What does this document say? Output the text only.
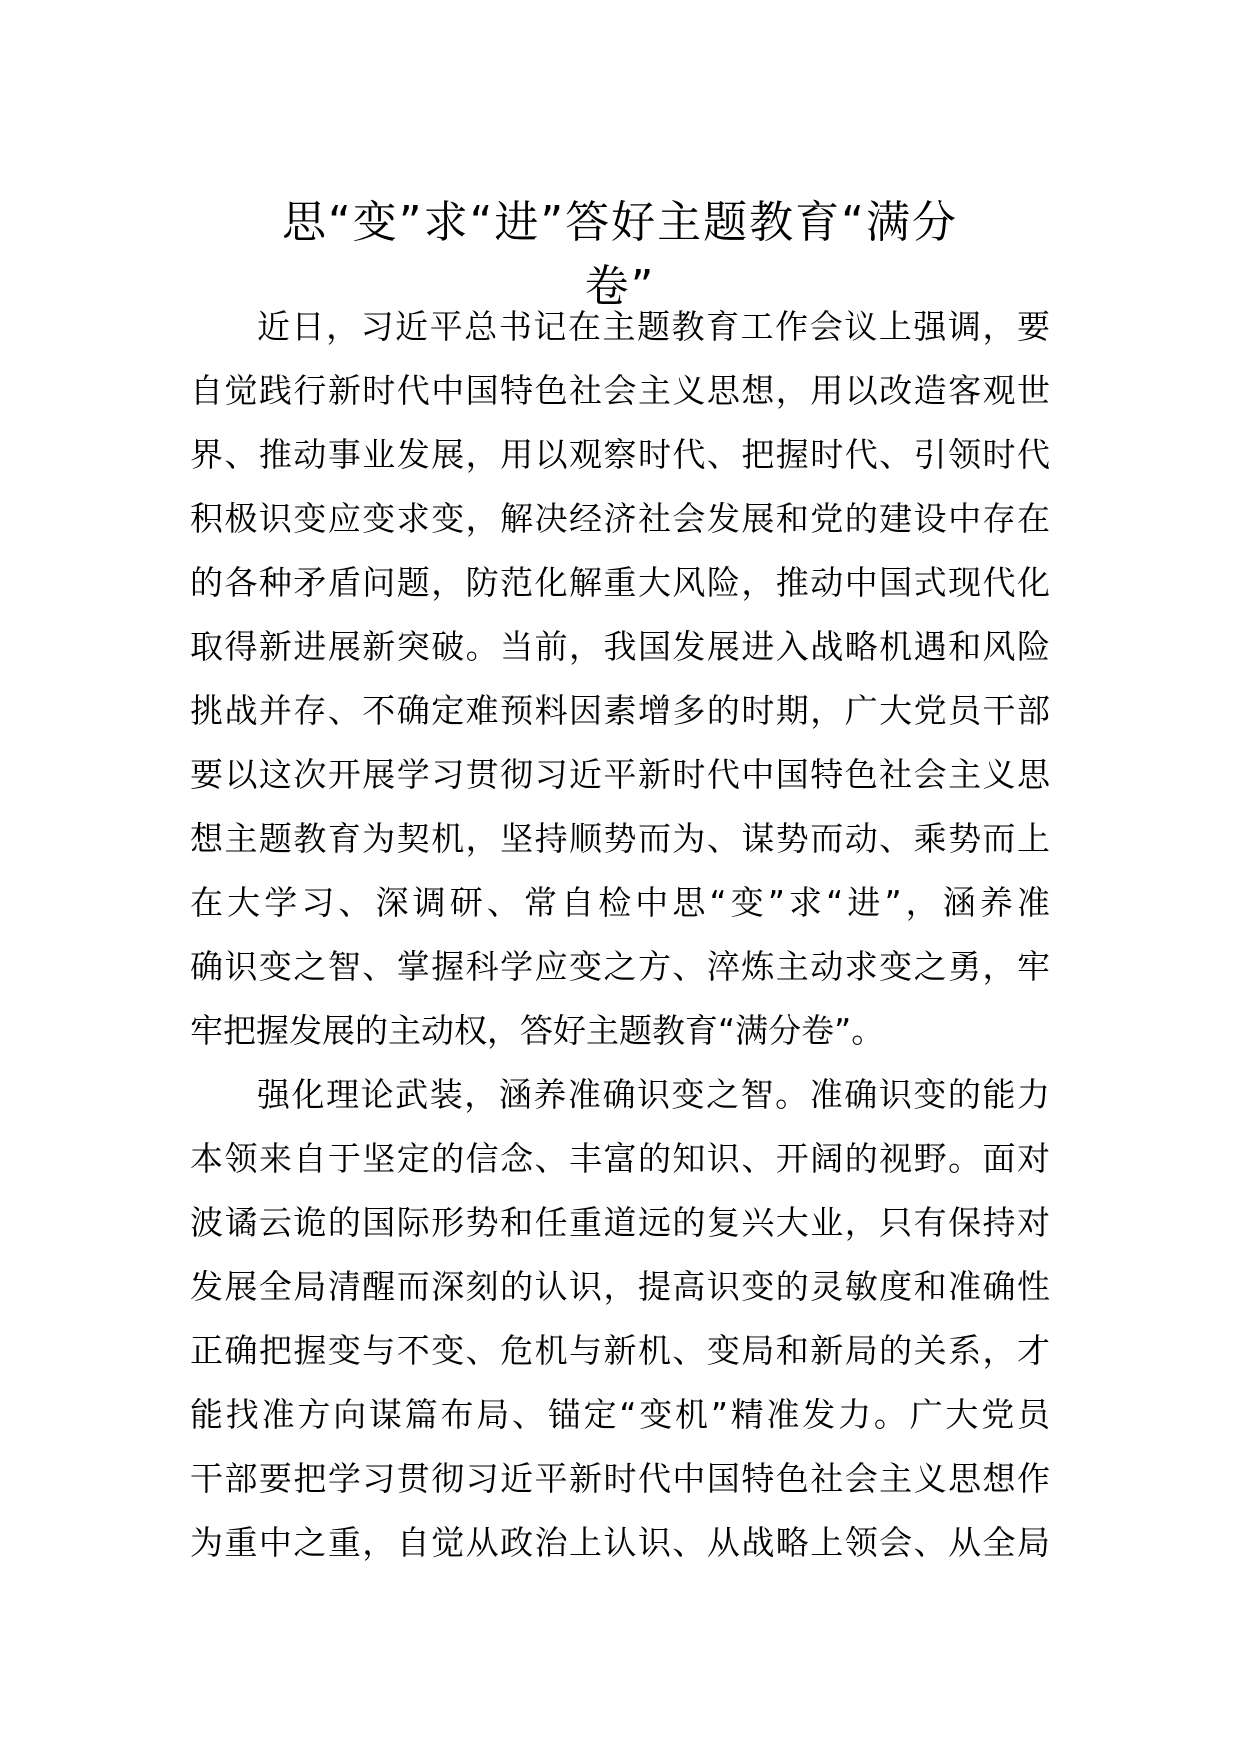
思“变”求“进”答好主题教育“满分
卷”
近日，习近平总书记在主题教育工作会议上强调，要
自觉践行新时代中国特色社会主义思想，用以改造客观世
界、推动事业发展，用以观察时代、把握时代、引领时代
积极识变应变求变，解决经济社会发展和党的建设中存在
的各种矛盾问题，防范化解重大风险，推动中国式现代化
取得新进展新突破。当前，我国发展进入战略机遇和风险
挑战并存、不确定难预料因素增多的时期，广大党员干部
要以这次开展学习贯彻习近平新时代中国特色社会主义思
想主题教育为契机，坚持顺势而为、谋势而动、乘势而上
在大学习、深调研、常自检中思“变”求“进”，涵养准
确识变之智、掌握科学应变之方、淬炼主动求变之勇，牢
牢把握发展的主动权，答好主题教育“满分卷”。
强化理论武装，涵养准确识变之智。准确识变的能力
本领来自于坚定的信念、丰富的知识、开阔的视野。面对
波谲云诡的国际形势和任重道远的复兴大业，只有保持对
发展全局清醒而深刻的认识，提高识变的灵敏度和准确性
正确把握变与不变、危机与新机、变局和新局的关系，才
能找准方向谋篇布局、锚定“变机”精准发力。广大党员
干部要把学习贯彻习近平新时代中国特色社会主义思想作
为重中之重，自觉从政治上认识、从战略上领会、从全局
